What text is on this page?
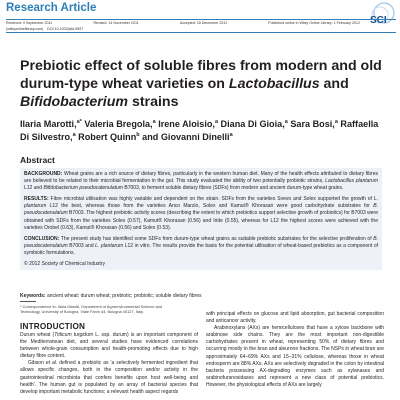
Research Article
SCI
Received: 9 September 2011	Revised: 14 November 2011	Accepted: 16 December 2011	Published online in Wiley Online Library: 1 February 2012
(wileyonlinelibrary.com) DOI 10.1002/jsfa.5597
Prebiotic effect of soluble fibres from modern and old durum-type wheat varieties on Lactobacillus and Bifidobacterium strains
Ilaria Marotti,$^{a*}$ Valeria Bregola,$^a$ Irene Aloisio,$^a$ Diana Di Gioia,$^a$ Sara Bosi,$^a$ Raffaella Di Silvestro,$^a$ Robert Quinn$^b$ and Giovanni Dinelli$^a$
Abstract

BACKGROUND: Wheat grains are a rich source of dietary fibres, particularly in the western human diet. Many of the health effects attributed to dietary fibres are believed to be related to their microbial fermentation in the gut. This study evaluated the ability of two potentially probiotic strains, Lactobacillus plantarum L12 and Bifidobacterium pseudocatenulatum B7003, to ferment soluble dietary fibres (SDFs) from modern and ancient durum-type wheat grains.

RESULTS: Fibre microbial utilisation was highly variable and dependent on the strain. SDFs from the varieties Svevo and Solex supported the growth of L. plantarum L12 the best, whereas those from the varieties Anco Marzio, Solex and Kamut® Khorasan were good carbohydrate substrates for B. pseudocatenulatum B7003. The highest prebiotic activity scores (describing the extent to which prebiotics support selective growth of probiotics) for B7003 were obtained with SDFs from the varieties Solex (0.57), Kamut® Khorasan (0.56) and Iride (0.55), whereas for L12 the highest scores were achieved with the varieties Orobel (0.63), Kamut® Khorasan (0.56) and Solex (0.53).

CONCLUSION: The present study has identified some SDFs from durum-type wheat grains as suitable prebiotic substrates for the selective proliferation of B. pseudocatenulatum B7003 and L. plantarum L12 in vitro. The results provide the basis for the potential utilisation of wheat-based prebiotics as a component of symbiotic formulations.

© 2012 Society of Chemical Industry

Keywords: ancient wheat; durum wheat; prebiotic; probiotic; soluble dietary fibres
* Correspondence to: Ilaria Marotti, Department of Agroenvironmental Science and
Technology, University of Bologna, Viale Fanin 44, Bologna 40127, Italy.
INTRODUCTION

Durum wheat (Triticum turgidum L. ssp. durum) is an important component of the Mediterranean diet, and several studies have evidenced correlations between whole-grain consumption and health-promoting effects due to high dietary fibre content.

Gibson et al. defined a prebiotic as 'a selectively fermented ingredient that allows specific changes, both in the composition and/or activity in the gastrointestinal microbiota that confers benefits upon host well-being and health'. The human gut is populated by an array of bacterial species that develop important metabolic functions; a relevant health aspect regards

with principal effects on glucose and lipid absorption, gut bacterial composition and anticancer activity.

Arabinoxylans (AXs) are hemicelluloses that have a xylose backbone with arabinose side chains. They are the most important non-digestible carbohydrates present in wheat, representing 50% of dietary fibres and occurring mostly in the bran and aleurone fractions. The NSPs in wheat bran are approximately 64–69% AXs and 15–31% cellulose, whereas those in wheat endosperm are 88% AXs. AXs are selectively degraded in the colon by intestinal bacteria possessing AX-degrading enzymes such as xylanases and arabinofuranosidases and represent a new class of potential prebiotics. However, the physiological effects of AXs are largely
